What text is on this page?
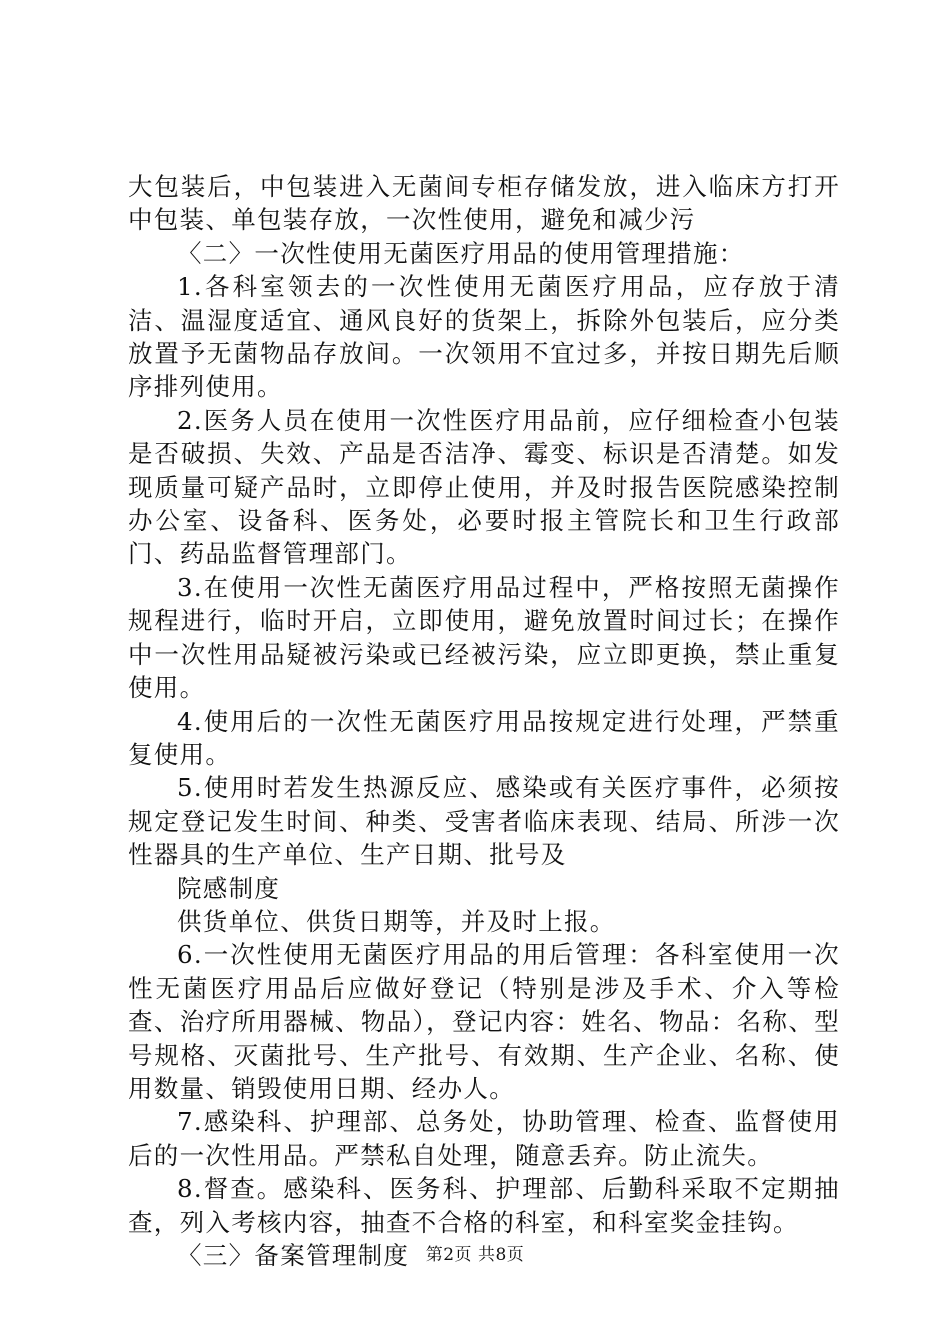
大包装后，中包装进入无菌间专柜存储发放，进入临床方打开中包装、单包装存放，一次性使用，避免和减少污

〈二〉一次性使用无菌医疗用品的使用管理措施：

1.各科室领去的一次性使用无菌医疗用品，应存放于清洁、温湿度适宜、通风良好的货架上，拆除外包装后，应分类放置予无菌物品存放间。一次领用不宜过多，并按日期先后顺序排列使用。

2.医务人员在使用一次性医疗用品前，应仔细检查小包装是否破损、失效、产品是否洁净、霉变、标识是否清楚。如发现质量可疑产品时，立即停止使用，并及时报告医院感染控制办公室、设备科、医务处，必要时报主管院长和卫生行政部门、药品监督管理部门。

3.在使用一次性无菌医疗用品过程中，严格按照无菌操作规程进行，临时开启，立即使用，避免放置时间过长；在操作中一次性用品疑被污染或已经被污染，应立即更换，禁止重复使用。

4.使用后的一次性无菌医疗用品按规定进行处理，严禁重复使用。

5.使用时若发生热源反应、感染或有关医疗事件，必须按规定登记发生时间、种类、受害者临床表现、结局、所涉一次性器具的生产单位、生产日期、批号及

院感制度

供货单位、供货日期等，并及时上报。

6.一次性使用无菌医疗用品的用后管理：各科室使用一次性无菌医疗用品后应做好登记（特别是涉及手术、介入等检查、治疗所用器械、物品），登记内容：姓名、物品：名称、型号规格、灭菌批号、生产批号、有效期、生产企业、名称、使用数量、销毁使用日期、经办人。

7.感染科、护理部、总务处，协助管理、检查、监督使用后的一次性用品。严禁私自处理，随意丢弃。防止流失。

8.督查。感染科、医务科、护理部、后勤科采取不定期抽查，列入考核内容，抽查不合格的科室，和科室奖金挂钩。

〈三〉备案管理制度 第2页 共8页
